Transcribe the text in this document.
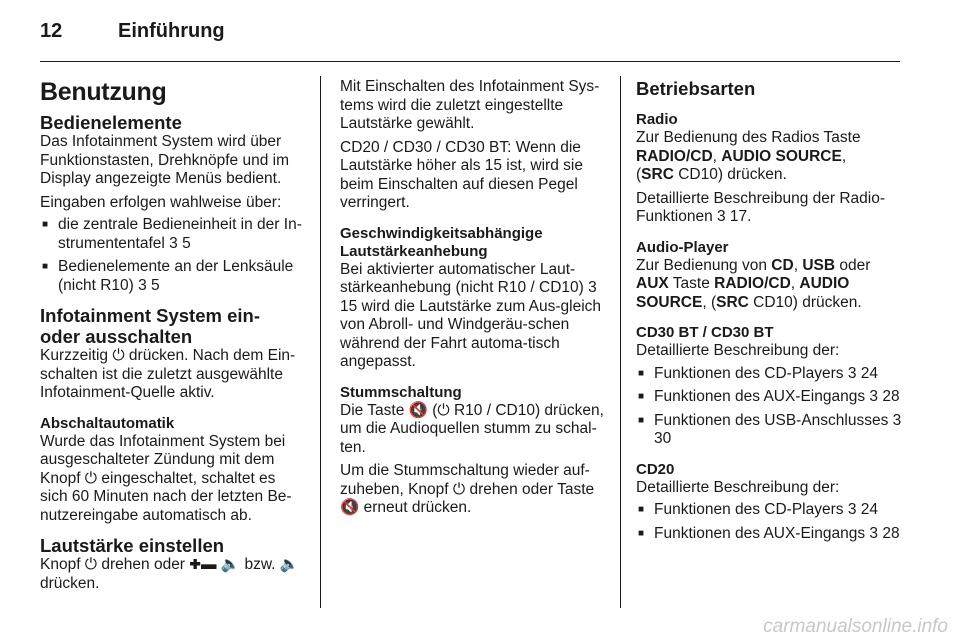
12	Einführung
Benutzung
Bedienelemente

Das Infotainment System wird über Funktionstasten, Drehknöpfe und im Display angezeigte Menüs bedient.

Eingaben erfolgen wahlweise über:

■ die zentrale Bedieneinheit in der In-strumententafel 3 5
■ Bedienelemente an der Lenksäule (nicht R10) 3 5
Infotainment System ein- oder ausschalten

Kurzzeitig ⏻ drücken. Nach dem Ein-schalten ist die zuletzt ausgewählte Infotainment-Quelle aktiv.

Abschaltautomatik

Wurde das Infotainment System bei ausgeschalteter Zündung mit dem Knopf ⏻ eingeschaltet, schaltet es sich 60 Minuten nach der letzten Be-nutzereingabe automatisch ab.

Lautstärke einstellen

Knopf ⏻ drehen oder ✚▬ 🔈 bzw. 🔈 drücken.

Mit Einschalten des Infotainment Sys-tems wird die zuletzt eingestellte Lautstärke gewählt.

CD20 / CD30 / CD30 BT: Wenn die Lautstärke höher als 15 ist, wird sie beim Einschalten auf diesen Pegel verringert.

Geschwindigkeitsabhängige Lautstärkeanhebung

Bei aktivierter automatischer Laut-stärkeanhebung (nicht R10 / CD10) 3 15 wird die Lautstärke zum Aus-gleich von Abroll- und Windgeräu-schen während der Fahrt automa-tisch angepasst.

Stummschaltung

Die Taste 🔇 (⏻ R10 / CD10) drücken, um die Audioquellen stumm zu schal-ten.

Um die Stummschaltung wieder auf-zuheben, Knopf ⏻ drehen oder Taste 🔇 erneut drücken.

Betriebsarten
Radio

Zur Bedienung des Radios Taste
RADIO/CD, AUDIO SOURCE,
(SRC CD10) drücken.

Detaillierte Beschreibung der Radio-Funktionen 3 17.

Audio-Player

Zur Bedienung von CD, USB oder
AUX Taste RADIO/CD, AUDIO
SOURCE, (SRC CD10) drücken.

CD30 BT / CD30 BT

Detaillierte Beschreibung der:

■ Funktionen des CD-Players 3 24
■ Funktionen des AUX-Eingangs 3 28
■ Funktionen des USB-Anschlusses 3 30
CD20

Detaillierte Beschreibung der:

■ Funktionen des CD-Players 3 24
■ Funktionen des AUX-Eingangs 3 28
carmanualsonline.info
